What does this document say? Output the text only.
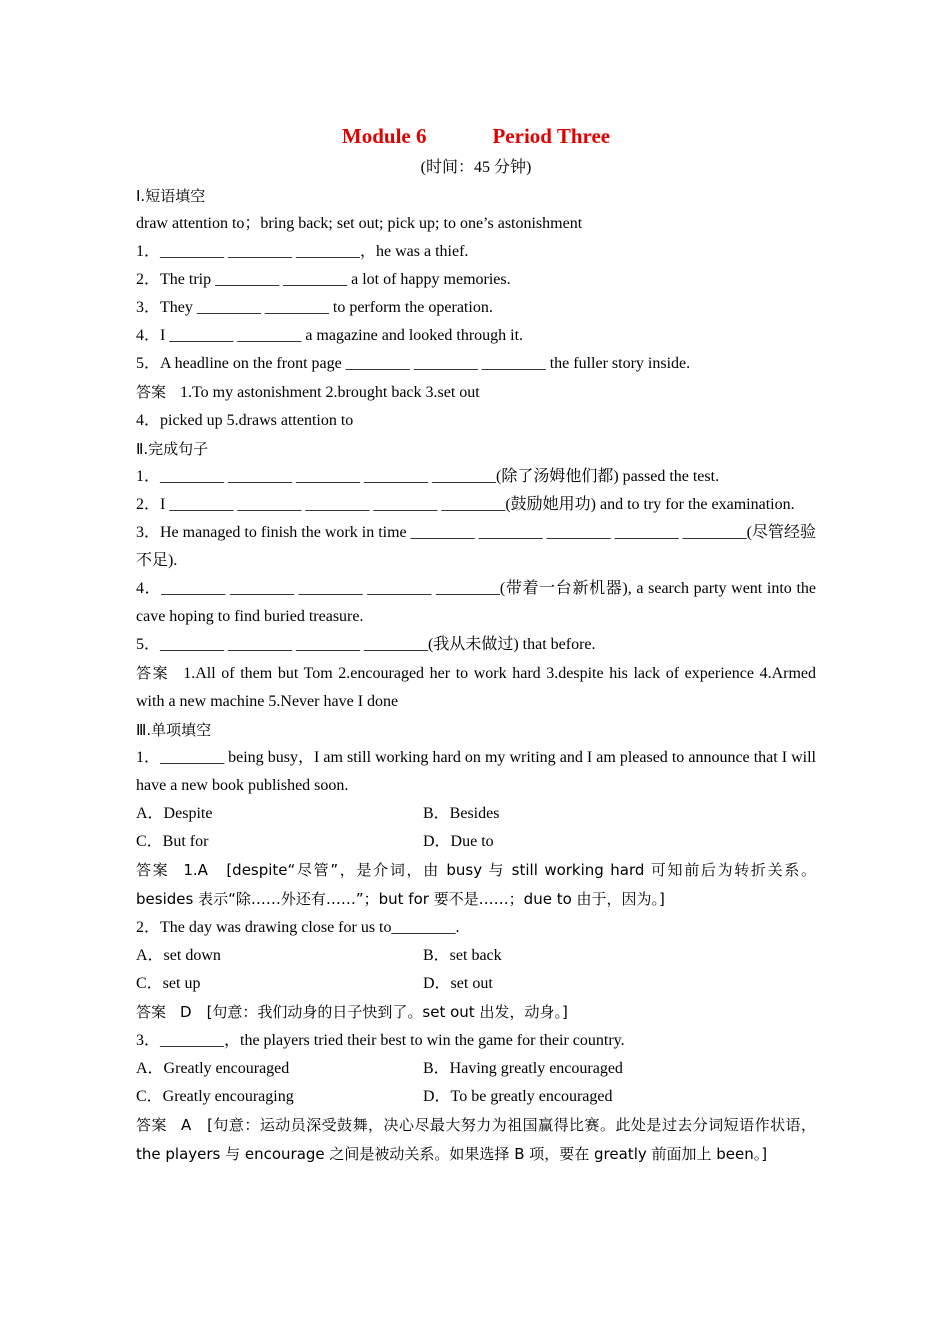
Module 6	Period Three
(时间：45 分钟)
Ⅰ.短语填空
draw attention to；bring back; set out; pick up; to one’s astonishment
1．________ ________ ________，he was a thief.
2．The trip ________ ________ a lot of happy memories.
3．They ________ ________ to perform the operation.
4．I ________ ________ a magazine and looked through it.
5．A headline on the front page ________ ________ ________ the fuller story inside.
答案 1.To my astonishment 2.brought back 3.set out
4．picked up 5.draws attention to
Ⅱ.完成句子
1．________ ________ ________ ________ ________(除了汤姆他们都) passed the test.
2．I ________ ________ ________ ________ ________(鼓励她用功) and to try for the examination.
3．He managed to finish the work in time ________ ________ ________ ________ ________(尽管经验不足).
4．________ ________ ________ ________ ________(带着一台新机器), a search party went into the cave hoping to find buried treasure.
5．________ ________ ________ ________(我从未做过) that before.
答案 1.All of them but Tom 2.encouraged her to work hard 3.despite his lack of experience 4.Armed with a new machine 5.Never have I done
Ⅲ.单项填空
1．________ being busy，I am still working hard on my writing and I am pleased to announce that I will have a new book published soon.
A．Despite	B．Besides
C．But for	D．Due to
答案 1.A　[despite“尽管”，是介词，由 busy 与 still working hard 可知前后为转折关系。besides 表示“除……外还有……”；but for 要不是……；due to 由于，因为。]
2．The day was drawing close for us to________.
A．set down	B．set back
C．set up	D．set out
答案 D　[句意：我们动身的日子快到了。set out 出发，动身。]
3．________，the players tried their best to win the game for their country.
A．Greatly encouraged	B．Having greatly encouraged
C．Greatly encouraging	D．To be greatly encouraged
答案 A　[句意：运动员深受鼓舞，决心尽最大努力为祖国赢得比赛。此处是过去分词短语作状语，the players 与 encourage 之间是被动关系。如果选择 B 项，要在 greatly 前面加上 been。]
